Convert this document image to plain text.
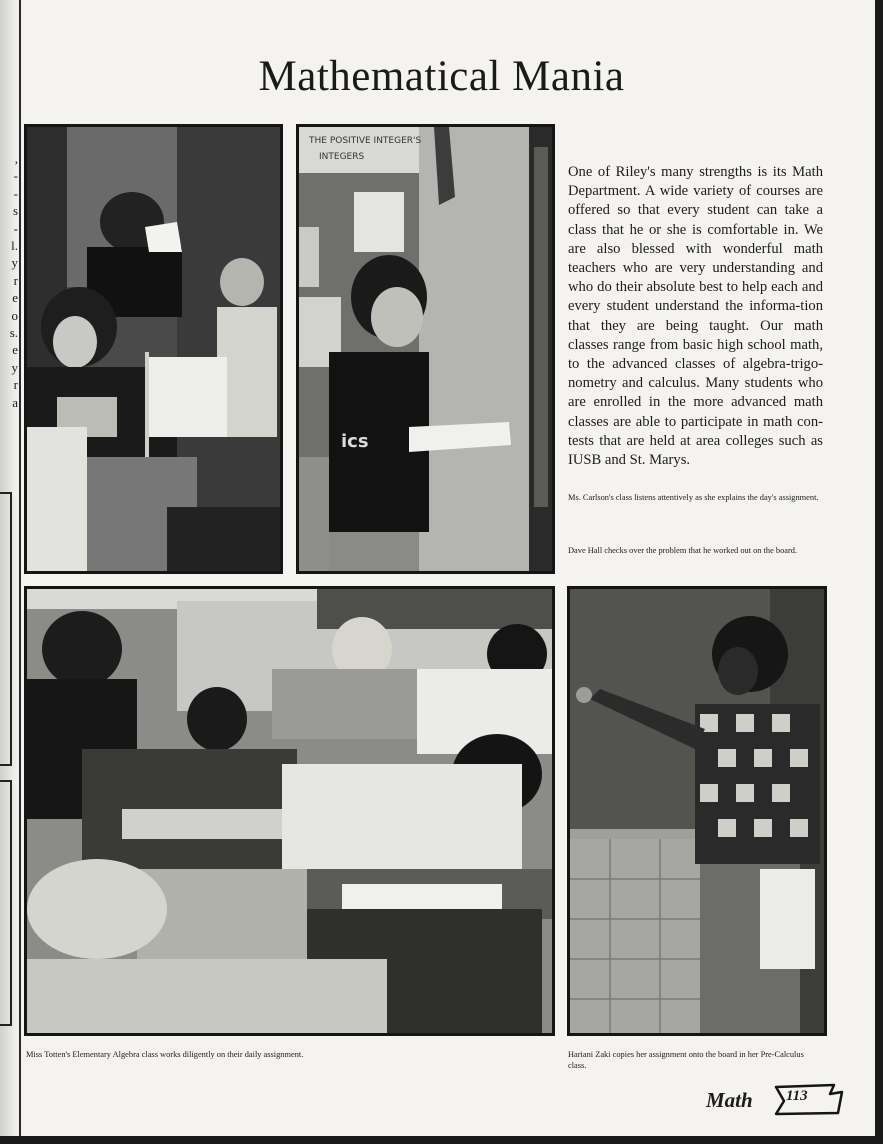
,
-
-
s
-
l.
y
r
e
o
s.
e
y
r
a
Mathematical Mania
ics
THE POSITIVE INTEGER'S
INTEGERS
One of Riley's many strengths is its Math Department. A wide variety of courses are offered so that every student can take a class that he or she is comfortable in. We are also blessed with wonderful math teachers who are very understanding and who do their absolute best to help each and every student understand the informa-tion that they are being taught. Our math classes range from basic high school math, to the advanced classes of algebra-trigo-nometry and calculus. Many students who are enrolled in the more advanced math classes are able to participate in math con-tests that are held at area colleges such as IUSB and St. Marys.
Ms. Carlson's class listens attentively as she explains the day's assignment.
Dave Hall checks over the problem that he worked out on the board.
Miss Totten's Elementary Algebra class works diligently on their daily assignment.	Hariani Zaki copies her assignment onto the board in her Pre-Calculus class.
Math 113
